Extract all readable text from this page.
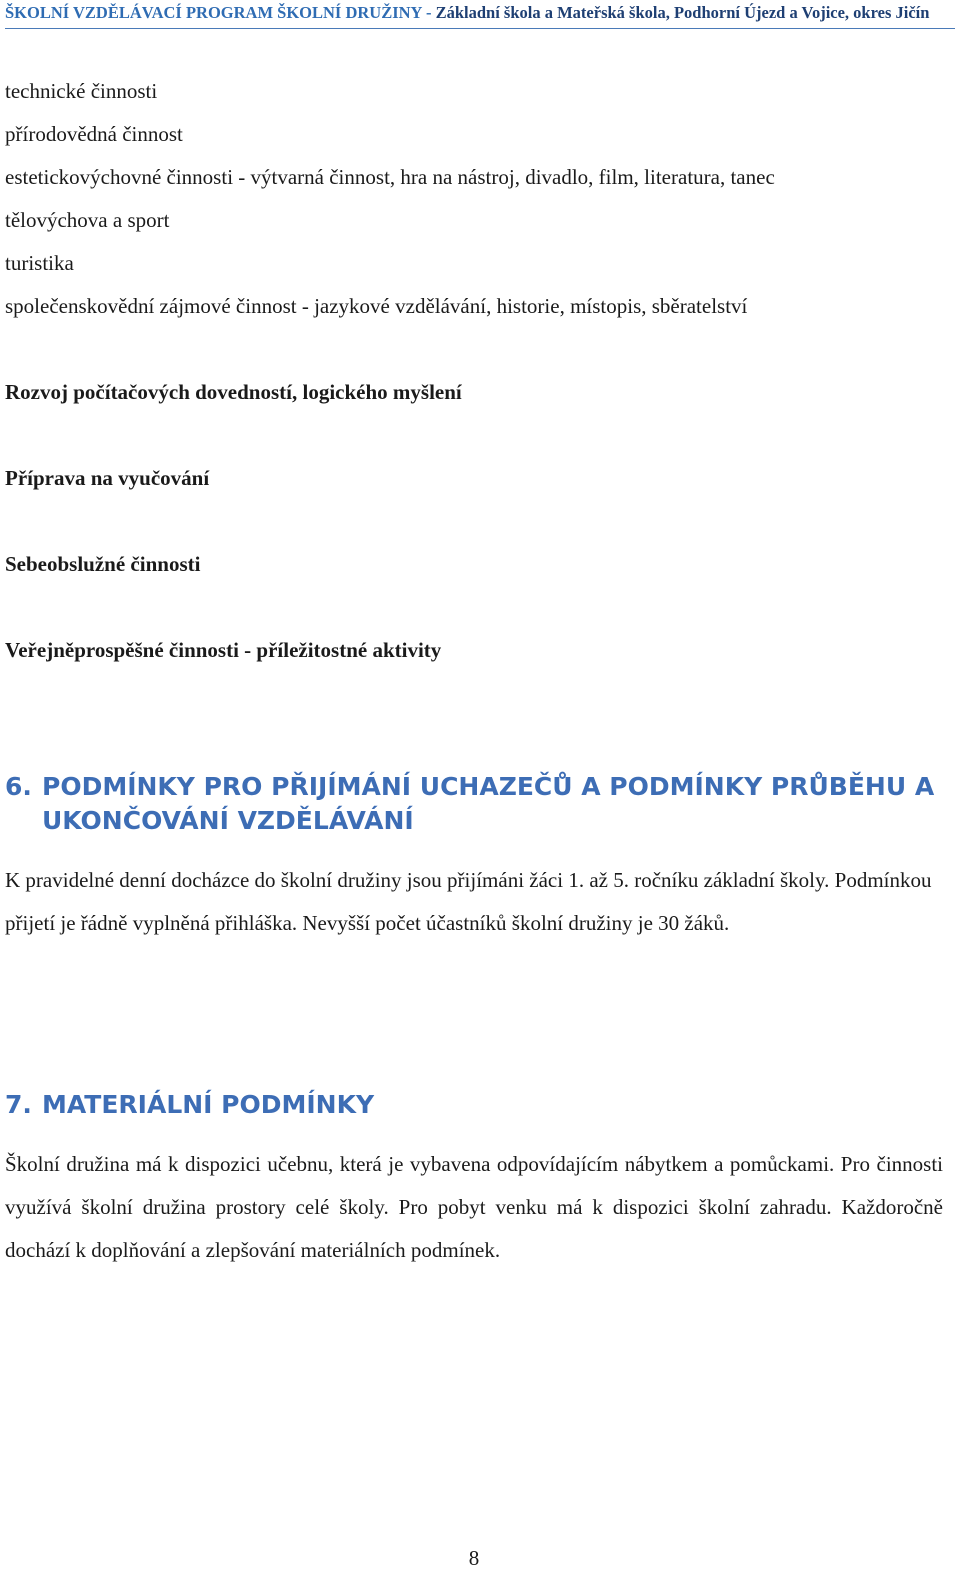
ŠKOLNÍ VZDĚLÁVACÍ PROGRAM ŠKOLNÍ DRUŽINY - Základní škola a Mateřská škola, Podhorní Újezd a Vojice, okres Jičín
technické činnosti
přírodovědná činnost
estetickovýchovné činnosti - výtvarná činnost, hra na nástroj, divadlo, film, literatura, tanec
tělovýchova a sport
turistika
společenskovědní zájmové činnost - jazykové vzdělávání, historie, místopis, sběratelství
Rozvoj počítačových dovedností, logického myšlení
Příprava na vyučování
Sebeobslužné činnosti
Veřejněprospěšné činnosti - příležitostné aktivity
6. PODMÍNKY PRO PŘIJÍMÁNÍ UCHAZEČŮ A PODMÍNKY PRŮBĚHU A
UKONČOVÁNÍ VZDĚLÁVÁNÍ
K pravidelné denní docházce do školní družiny jsou přijímáni žáci 1. až 5. ročníku základní školy. Podmínkou přijetí je řádně vyplněná přihláška. Nevyšší počet účastníků školní družiny je 30 žáků.
7. MATERIÁLNÍ PODMÍNKY
Školní družina má k dispozici učebnu, která je vybavena odpovídajícím nábytkem a pomůckami. Pro činnosti využívá školní družina prostory celé školy. Pro pobyt venku má k dispozici školní zahradu. Každoročně dochází k doplňování a zlepšování materiálních podmínek.
8
